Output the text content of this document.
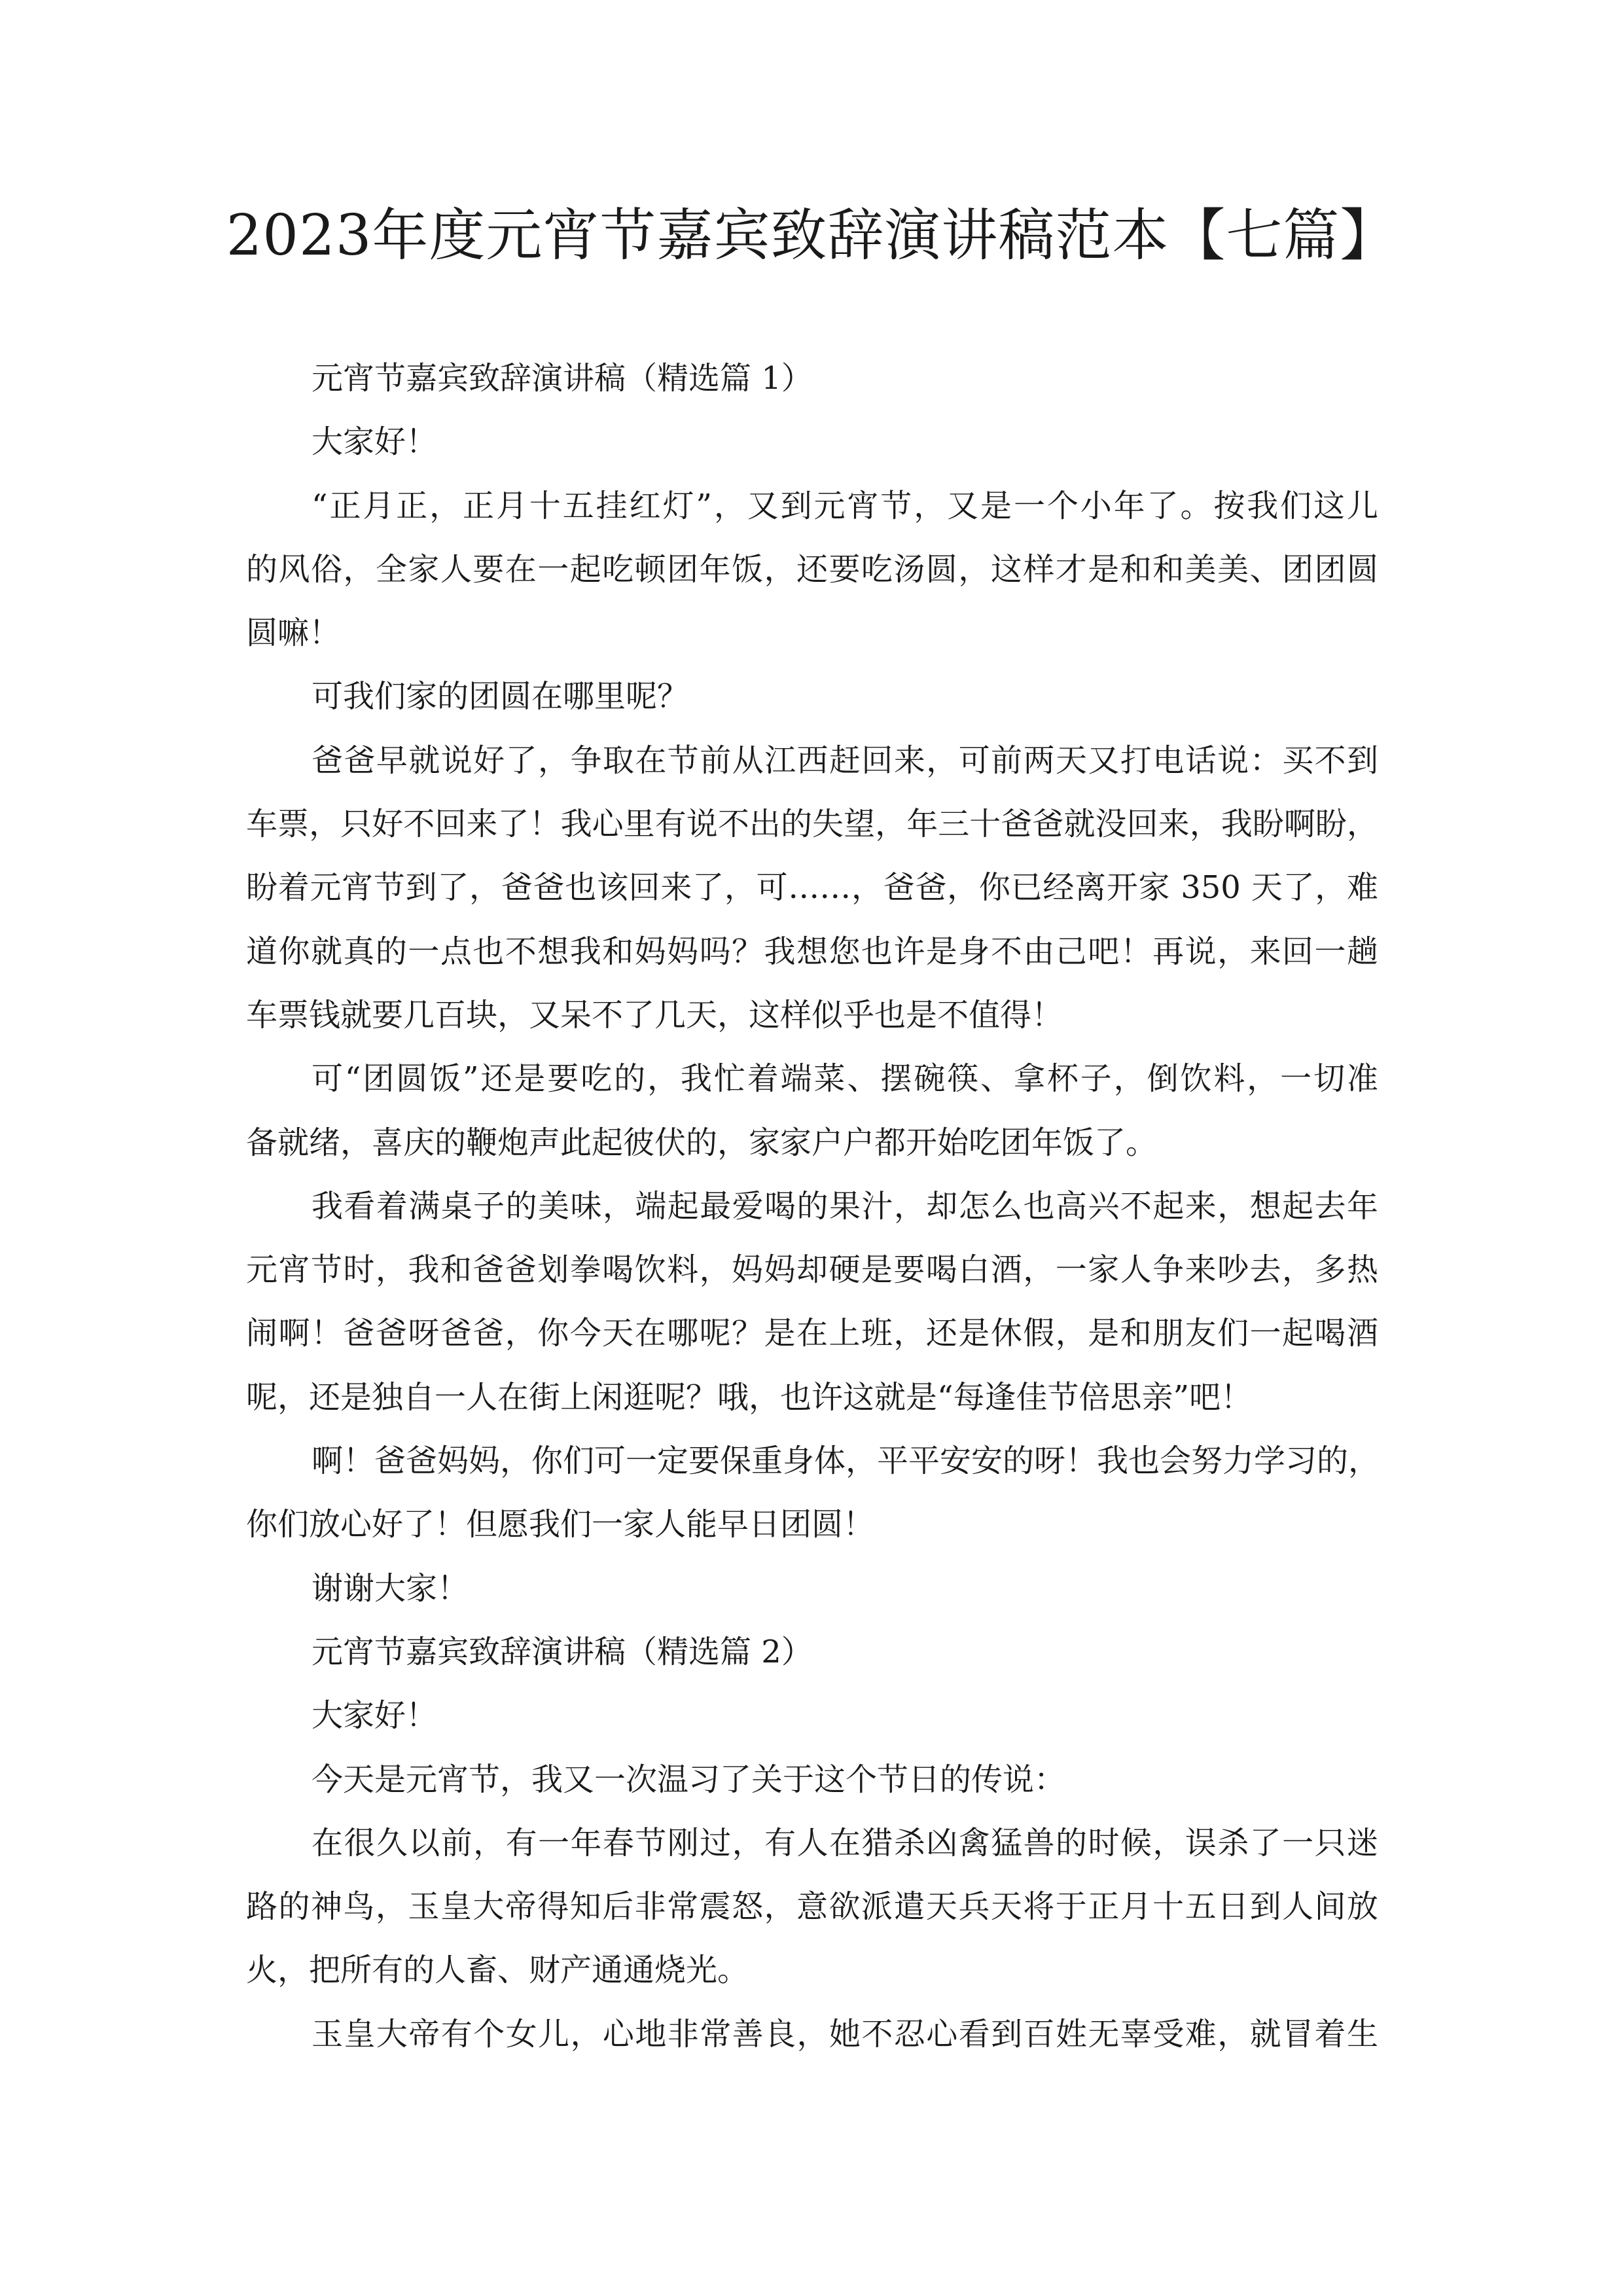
2023年度元宵节嘉宾致辞演讲稿范本【七篇】
元宵节嘉宾致辞演讲稿（精选篇 1）
大家好！
“正月正，正月十五挂红灯”，又到元宵节，又是一个小年了。按我们这儿
的风俗，全家人要在一起吃顿团年饭，还要吃汤圆，这样才是和和美美、团团圆
圆嘛！
可我们家的团圆在哪里呢？
爸爸早就说好了，争取在节前从江西赶回来，可前两天又打电话说：买不到
车票，只好不回来了！我心里有说不出的失望，年三十爸爸就没回来，我盼啊盼，
盼着元宵节到了，爸爸也该回来了，可……，爸爸，你已经离开家 350 天了，难
道你就真的一点也不想我和妈妈吗？我想您也许是身不由己吧！再说，来回一趟
车票钱就要几百块，又呆不了几天，这样似乎也是不值得！
可“团圆饭”还是要吃的，我忙着端菜、摆碗筷、拿杯子，倒饮料，一切准
备就绪，喜庆的鞭炮声此起彼伏的，家家户户都开始吃团年饭了。
我看着满桌子的美味，端起最爱喝的果汁，却怎么也高兴不起来，想起去年
元宵节时，我和爸爸划拳喝饮料，妈妈却硬是要喝白酒，一家人争来吵去，多热
闹啊！爸爸呀爸爸，你今天在哪呢？是在上班，还是休假，是和朋友们一起喝酒
呢，还是独自一人在街上闲逛呢？哦，也许这就是“每逢佳节倍思亲”吧！
啊！爸爸妈妈，你们可一定要保重身体，平平安安的呀！我也会努力学习的，
你们放心好了！但愿我们一家人能早日团圆！
谢谢大家！
元宵节嘉宾致辞演讲稿（精选篇 2）
大家好！
今天是元宵节，我又一次温习了关于这个节日的传说：
在很久以前，有一年春节刚过，有人在猎杀凶禽猛兽的时候，误杀了一只迷
路的神鸟，玉皇大帝得知后非常震怒，意欲派遣天兵天将于正月十五日到人间放
火，把所有的人畜、财产通通烧光。
玉皇大帝有个女儿，心地非常善良，她不忍心看到百姓无辜受难，就冒着生
